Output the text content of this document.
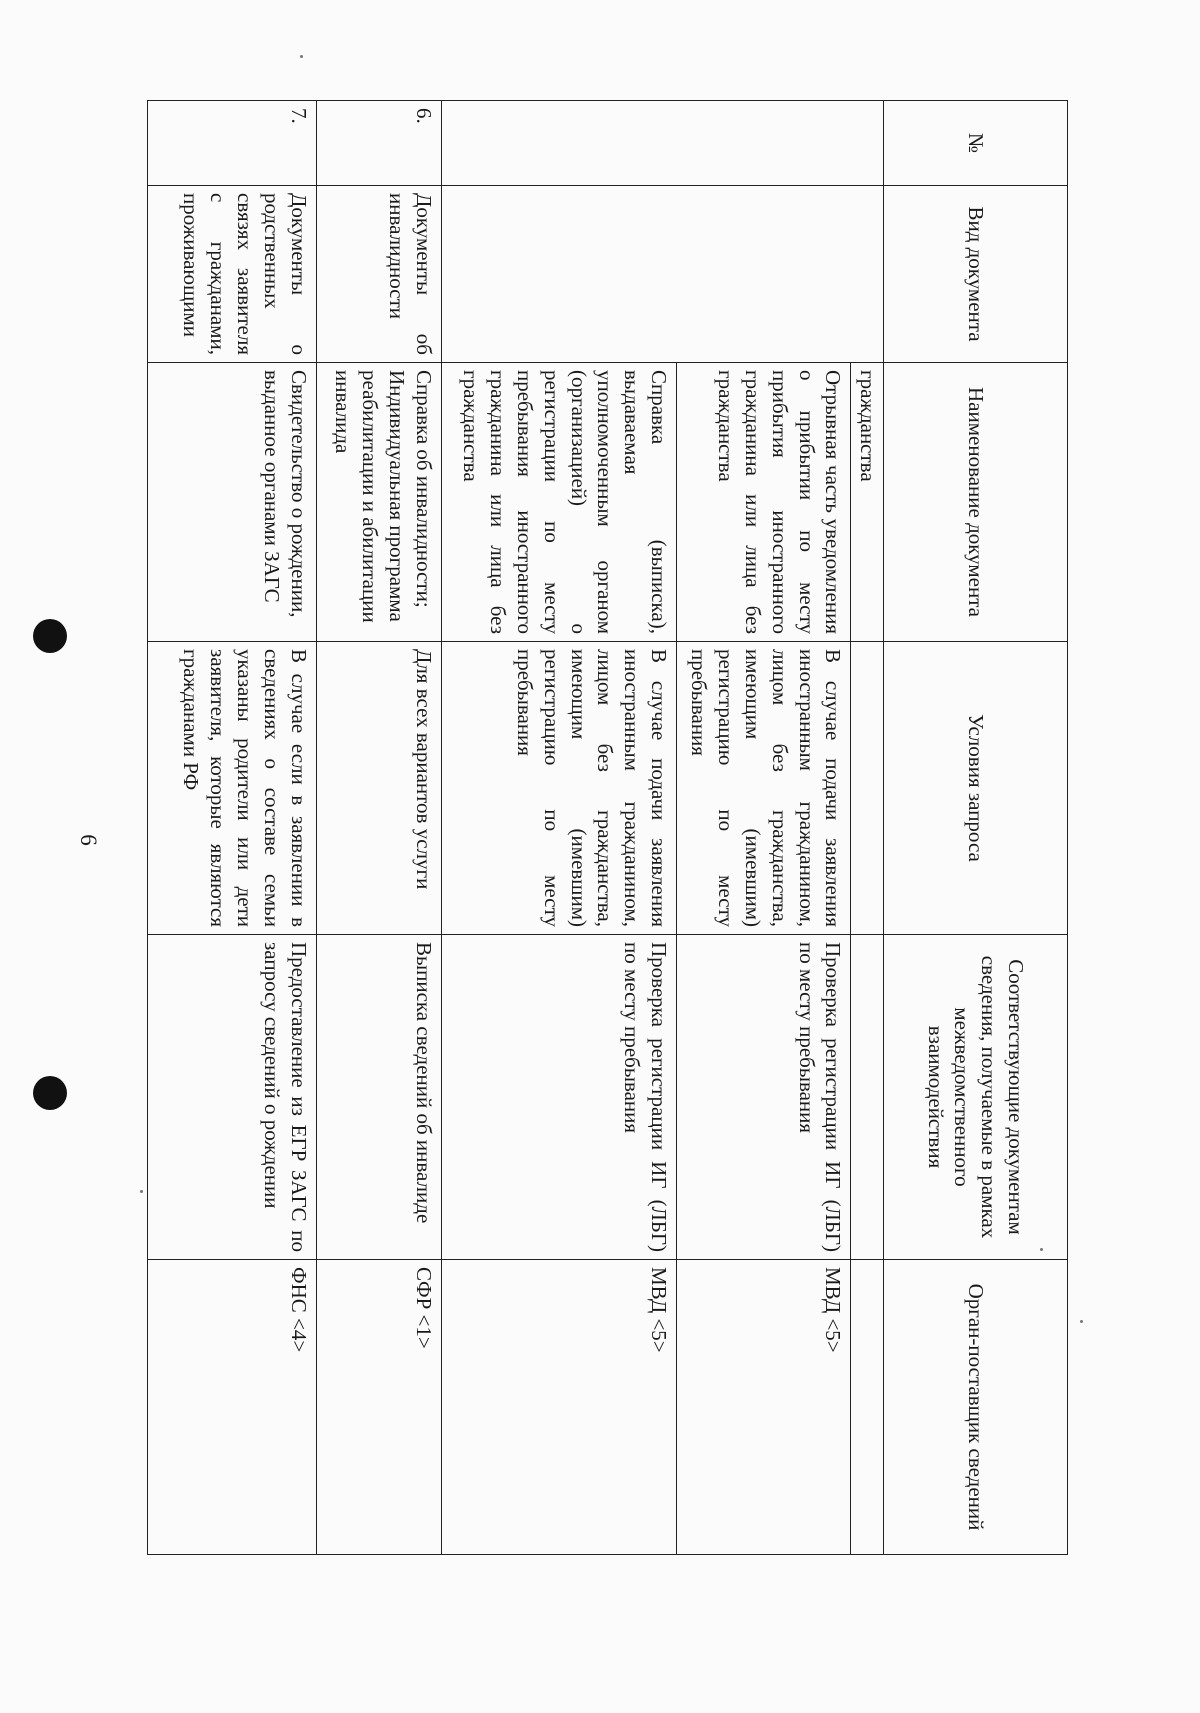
6
№	Вид документа	Наименование документа	Условия запроса	Соответствующие документам сведения, получаемые в рамках межведомственного взаимодействия	Орган-поставщик сведений
		гражданства			
		Отрывная часть уведомления о прибытии по месту прибытия иностранного гражданина или лица без гражданства	В случае подачи заявления иностранным гражданином, лицом без гражданства, имеющим (имевшим) регистрацию по месту пребывания	Проверка регистрации ИГ (ЛБГ) по месту пребывания	МВД <5>
		Справка (выписка), выдаваемая уполномоченным органом (организацией) о регистрации по месту пребывания иностранного гражданина или лица без гражданства	В случае подачи заявления иностранным гражданином, лицом без гражданства, имеющим (имевшим) регистрацию по месту пребывания	Проверка регистрации ИГ (ЛБГ) по месту пребывания	МВД <5>
6.	Документы об инвалидности	Справка об инвалидности; Индивидуальная программа реабилитации и абилитации инвалида	Для всех вариантов услуги	Выписка сведений об инвалиде	СФР <1>
7.	Документы о родственных связях заявителя с гражданами, проживающими	Свидетельство о рождении, выданное органами ЗАГС	В случае если в заявлении в сведениях о составе семьи указаны родители или дети заявителя, которые являются гражданами РФ	Предоставление из ЕГР ЗАГС по запросу сведений о рождении	ФНС <4>
